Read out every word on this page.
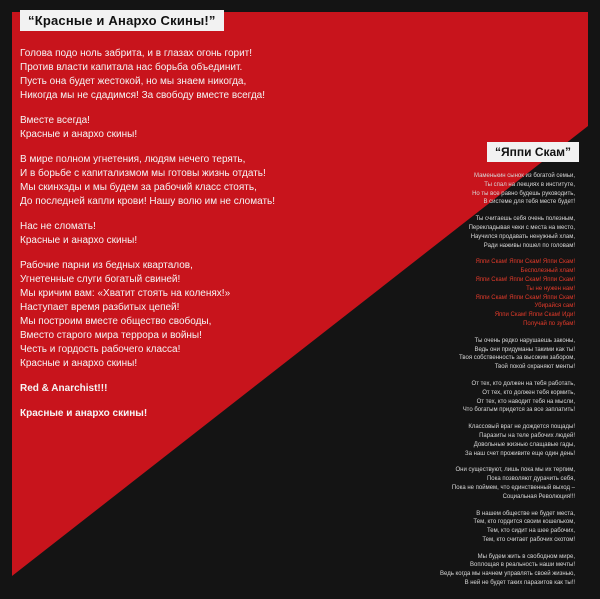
“Красные и Анархо Скины!”

Голова подо ноль забрита, и в глазах огонь горит!
Против власти капитала нас борьба объединит.
Пусть она будет жестокой, но мы знаем никогда,
Никогда мы не сдадимся! За свободу вместе всегда!

Вместе всегда!
Красные и анархо скины!

В мире полном угнетения, людям нечего терять,
И в борьбе с капитализмом мы готовы жизнь отдать!
Мы скинхэды и мы будем за рабочий класс стоять,
До последней капли крови! Нашу волю им не сломать!

Нас не сломать!
Красные и анархо скины!

Рабочие парни из бедных кварталов,
Угнетенные слуги богатый свиней!
Мы кричим вам: «Хватит стоять на коленях!»
Наступает время разбитых цепей!
Мы построим вместе общество свободы,
Вместо старого мира террора и войны!
Честь и гордость рабочего класса!
Красные и анархо скины!

Red & Anarchist!!!

Красные и анархо скины!

“Яппи Скам”

Маменькин сынок из богатой семьи,
Ты спал на лекциях в институте,
Но ты все равно будешь руководить,
В системе для тебя месте будет!

Ты считаешь себя очень полезным,
Перекладывая чеки с места на место,
Научился продавать ненужный хлам,
Ради наживы пошел по головам!

Яппи Скам! Яппи Скам! Яппи Скам!
Бесполезный хлам!
Яппи Скам! Яппи Скам! Яппи Скам!
Ты не нужен нам!
Яппи Скам! Яппи Скам! Яппи Скам!
Убирайся сам!
Яппи Скам! Яппи Скам! Иди!
Получай по зубам!

Ты очень редко нарушаешь законы,
Ведь они придуманы такими как ты!
Твоя собственность за высоким забором,
Твой покой охраняют менты!

От тех, кто должен на тебя работать,
От тех, кто должен тебя кормить,
От тех, кто наводит тебя на мысли,
Что богатым придется за все заплатить!

Классовый враг не дождется пощады!
Паразиты на теле рабочих людей!
Довольные жизнью слащавые гады,
За наш счет проживите еще один день!

Они существуют, лишь пока мы их терпим,
Пока позволяют дурачить себя,
Пока не поймем, что единственный выход –
Социальная Революция!!!

В нашем обществе не будет места,
Тем, кто гордится своим кошельком,
Тем, кто сидит на шее рабочих,
Тем, кто считает рабочих скотом!

Мы будем жить в свободном мире,
Воплощая в реальность наши мечты!
Ведь когда мы начнем управлять своей жизнью,
В ней не будет таких паразитов как ты!!
